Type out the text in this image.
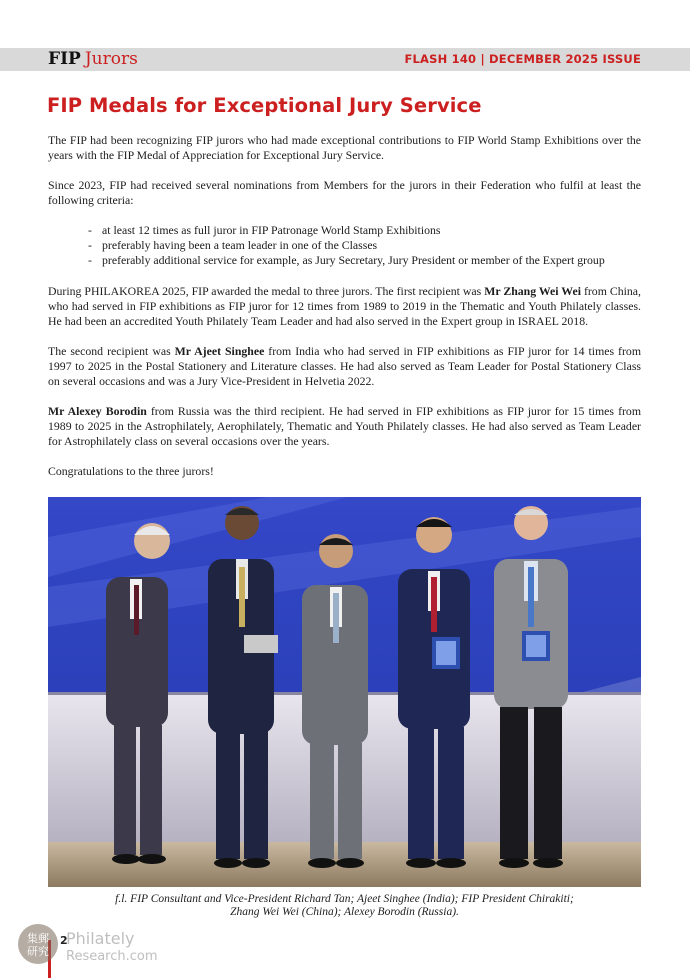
FIP Jurors	FLASH 140 | DECEMBER 2025 ISSUE
FIP Medals for Exceptional Jury Service

The FIP had been recognizing FIP jurors who had made exceptional contributions to FIP World Stamp Exhibitions over the years with the FIP Medal of Appreciation for Exceptional Jury Service.

Since 2023, FIP had received several nominations from Members for the jurors in their Federation who fulfil at least the following criteria:

- at least 12 times as full juror in FIP Patronage World Stamp Exhibitions
- preferably having been a team leader in one of the Classes
- preferably additional service for example, as Jury Secretary, Jury President or member of the Expert group

During PHILAKOREA 2025, FIP awarded the medal to three jurors. The first recipient was Mr Zhang Wei Wei from China, who had served in FIP exhibitions as FIP juror for 12 times from 1989 to 2019 in the Thematic and Youth Philately classes. He had been an accredited Youth Philately Team Leader and had also served in the Expert group in ISRAEL 2018.

The second recipient was Mr Ajeet Singhee from India who had served in FIP exhibitions as FIP juror for 14 times from 1997 to 2025 in the Postal Stationery and Literature classes. He had also served as Team Leader for Postal Stationery Class on several occasions and was a Jury Vice-President in Helvetia 2022.

Mr Alexey Borodin from Russia was the third recipient. He had served in FIP exhibitions as FIP juror for 15 times from 1989 to 2025 in the Astrophilately, Aerophilately, Thematic and Youth Philately classes. He had also served as Team Leader for Astrophilately class on several occasions over the years.

Congratulations to the three jurors!

f.l. FIP Consultant and Vice-President Richard Tan; Ajeet Singhee (India); FIP President Chirakiti;
Zhang Wei Wei (China); Alexey Borodin (Russia).
集郵
研究
Philately
Research.com
2
